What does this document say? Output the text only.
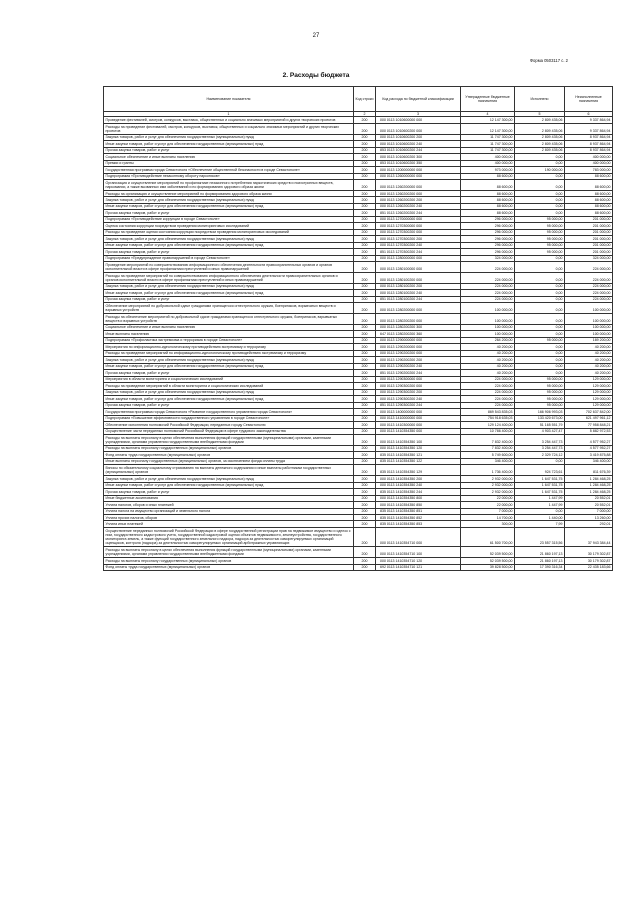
27
Форма 0503117 с. 2
2. Расходы бюджета
Наименование показателя	Код строки	Код расхода по бюджетной классификации	Утвержденные бюджетные назначения	Исполнено	Неисполненные назначения
1	2	3	4	5	6
Проведение фестивалей, смотров, конкурсов, выставок, общественных и социально значимых мероприятий и других творческих проектов	200	000 0113 1010600000 000	12 147 300,00	2 809 435,06	9 337 864,94
Расходы на проведение фестивалей, смотров, конкурсов, выставок, общественных и социально значимых мероприятий и других творческих проектов	200	000 0113 1010600200 000	12 147 300,00	2 809 435,06	9 337 864,94
Закупка товаров, работ и услуг для обеспечения государственных (муниципальных) нужд	200	000 0113 1010600200 200	11 747 300,00	2 809 435,06	8 937 864,94
Иные закупки товаров, работ и услуг для обеспечения государственных (муниципальных) нужд	200	000 0113 1010600200 240	11 747 300,00	2 809 435,06	8 937 864,94
Прочая закупка товаров, работ и услуг	200	853 0113 1010600200 244	11 747 300,00	2 809 435,06	8 937 864,94
Социальное обеспечение и иные выплаты населению	200	000 0113 1010600200 300	400 000,00	0,00	400 000,00
Премии и гранты	200	853 0113 1010600200 350	400 000,00	0,00	400 000,00
Государственная программа города Севастополя «Обеспечение общественной безопасности в городе Севастополе»	200	000 0113 1200000000 000	973 000,00	190 000,00	783 000,00
Подпрограмма «Противодействие незаконному обороту наркотиков»	200	000 0113 1260000000 000	88 600,00	0,00	88 600,00
Организация и осуществление мероприятий по профилактике незаконного потребления наркотических средств и психотропных веществ, наркомании, а также вызванных ими заболеваний и по формированию здорового образа жизни	200	000 0113 1260200000 000	88 600,00	0,00	88 600,00
Расходы на организацию и осуществление мероприятий по формированию здорового образа жизни	200	000 0113 1260200200 000	88 600,00	0,00	88 600,00
Закупка товаров, работ и услуг для обеспечения государственных (муниципальных) нужд	200	000 0113 1260200200 200	88 600,00	0,00	88 600,00
Иные закупки товаров, работ и услуг для обеспечения государственных (муниципальных) нужд	200	000 0113 1260200200 240	88 600,00	0,00	88 600,00
Прочая закупка товаров, работ и услуг	200	851 0113 1260200200 244	88 600,00	0,00	88 600,00
Подпрограмма «Противодействие коррупции в городе Севастополе»	200	000 0113 1270000000 000	296 000,00	95 000,00	201 000,00
Оценка состояния коррупции посредством проведения мониторинговых исследований	200	000 0113 1270300000 000	296 000,00	95 000,00	201 000,00
Расходы на проведение оценки состояния коррупции посредством проведения мониторинговых исследований	200	000 0113 1270300200 000	296 000,00	95 000,00	201 000,00
Закупка товаров, работ и услуг для обеспечения государственных (муниципальных) нужд	200	000 0113 1270300200 200	296 000,00	95 000,00	201 000,00
Иные закупки товаров, работ и услуг для обеспечения государственных (муниципальных) нужд	200	000 0113 1270300200 240	296 000,00	95 000,00	201 000,00
Прочая закупка товаров, работ и услуг	200	851 0113 1270300200 244	296 000,00	95 000,00	201 000,00
Подпрограмма «Предупреждение правонарушений в городе Севастополе»	200	000 0113 1280000000 000	324 000,00	0,00	324 000,00
Проведение мероприятий по совершенствованию информационного обеспечения деятельности правоохранительных органов и органов исполнительной власти в сфере профилактики преступлений и иных правонарушений	200	000 0113 1280100000 000	224 000,00	0,00	224 000,00
Расходы на проведение мероприятий по совершенствованию информационного обеспечения деятельности правоохранительных органов и органов исполнительной власти в сфере профилактики преступлений и иных правонарушений	200	000 0113 1280100200 000	224 000,00	0,00	224 000,00
Закупка товаров, работ и услуг для обеспечения государственных (муниципальных) нужд	200	000 0113 1280100200 200	224 000,00	0,00	224 000,00
Иные закупки товаров, работ и услуг для обеспечения государственных (муниципальных) нужд	200	000 0113 1280100200 240	224 000,00	0,00	224 000,00
Прочая закупка товаров, работ и услуг	200	851 0113 1280100200 244	224 000,00	0,00	224 000,00
Обеспечение мероприятий по добровольной сдаче гражданами хранящегося огнестрельного оружия, боеприпасов, взрывчатых веществ и взрывных устройств	200	000 0113 1280200000 000	100 000,00	0,00	100 000,00
Расходы на обеспечение мероприятий по добровольной сдаче гражданами хранящегося огнестрельного оружия, боеприпасов, взрывчатых веществ и взрывных устройств	200	000 0113 1280200200 000	100 000,00	0,00	100 000,00
Социальное обеспечение и иные выплаты населению	200	000 0113 1280200200 300	100 000,00	0,00	100 000,00
Иные выплаты населению	200	647 0113 1280200200 360	100 000,00	0,00	100 000,00
Подпрограмма «Профилактика экстремизма и терроризма в городе Севастополе»	200	000 0113 1290000000 000	264 200,00	95 000,00	169 200,00
Мероприятия по информационно-идеологическому противодействию экстремизму и терроризму	200	000 0113 1290200000 000	40 200,00	0,00	40 200,00
Расходы на проведение мероприятий по информационно-идеологическому противодействию экстремизму и терроризму	200	000 0113 1290200200 000	40 200,00	0,00	40 200,00
Закупка товаров, работ и услуг для обеспечения государственных (муниципальных) нужд	200	000 0113 1290200200 200	40 200,00	0,00	40 200,00
Иные закупки товаров, работ и услуг для обеспечения государственных (муниципальных) нужд	200	000 0113 1290200200 240	40 200,00	0,00	40 200,00
Прочая закупка товаров, работ и услуг	200	851 0113 1290200200 244	40 200,00	0,00	40 200,00
Мероприятия в области мониторинга и социологических исследований	200	000 0113 1290300000 000	224 000,00	95 000,00	129 000,00
Расходы на проведение мероприятий в области мониторинга и социологических исследований	200	000 0113 1290300200 000	224 000,00	95 000,00	129 000,00
Закупка товаров, работ и услуг для обеспечения государственных (муниципальных) нужд	200	000 0113 1290300200 200	224 000,00	95 000,00	129 000,00
Иные закупки товаров, работ и услуг для обеспечения государственных (муниципальных) нужд	200	000 0113 1290300200 240	224 000,00	95 000,00	129 000,00
Прочая закупка товаров, работ и услуг	200	851 0113 1290300200 244	224 000,00	95 000,00	129 000,00
Государственная программа города Севастополя «Развитие государственного управления города Севастополя»	200	000 0113 1400000000 000	869 543 835,03	166 906 993,03	702 637 842,00
Подпрограмма «Повышение эффективности государственного управления в городе Севастополе»	200	000 0113 1410000000 000	754 918 635,03	133 420 673,00	621 497 961,12
Обеспечение исполнения полномочий Российской Федерации, переданных городу Севастополю	200	000 0113 1410300000 000	129 124 400,00	51 165 551,79	77 958 848,21
Осуществление части переданных полномочий Российской Федерации в сфере трудового законодательства	200	000 0113 1410354350 000	10 786 400,00	4 903 427,47	5 882 972,53
Расходы на выплаты персоналу в целях обеспечения выполнения функций государственными (муниципальными) органами, казенными учреждениями, органами управления государственными внебюджетными фондами	200	000 0113 1410354350 100	7 832 400,00	3 254 447,73	4 577 952,27
Расходы на выплаты персоналу государственных (муниципальных) органов	200	000 0113 1410354350 120	7 832 400,00	3 254 447,73	4 577 952,27
Фонд оплаты труда государственных (муниципальных) органов	200	835 0113 1410354350 121	5 749 600,00	2 329 724,12	3 419 875,88
Иные выплаты персоналу государственных (муниципальных) органов, за исключением фонда оплаты труда	200	835 0113 1410354350 122	346 400,00	0,00	346 400,00
Взносы по обязательному социальному страхованию на выплаты денежного содержания и иные выплаты работникам государственных (муниципальных) органов	200	835 0113 1410354350 129	1 736 400,00	924 723,61	811 676,39
Закупка товаров, работ и услуг для обеспечения государственных (муниципальных) нужд	200	000 0113 1410354350 200	2 932 000,00	1 647 531,75	1 284 468,25
Иные закупки товаров, работ и услуг для обеспечения государственных (муниципальных) нужд	200	000 0113 1410354350 240	2 932 000,00	1 647 531,75	1 284 468,25
Прочая закупка товаров, работ и услуг	200	835 0113 1410354350 244	2 932 000,00	1 647 531,75	1 284 468,25
Иные бюджетные ассигнования	200	000 0113 1410354350 800	22 000,00	1 447,99	20 552,01
Уплата налогов, сборов и иных платежей	200	000 0113 1410354350 850	22 000,00	1 447,99	20 552,01
Уплата налога на имущество организаций и земельного налога	200	835 0113 1410354350 851	7 000,00	0,00	7 000,00
Уплата прочих налогов, сборов	200	835 0113 1410354350 852	14 700,00	1 440,00	13 260,00
Уплата иных платежей	200	835 0113 1410354350 853	300,00	7,99	292,01
Осуществление переданных полномочий Российской Федерации в сфере государственной регистрации прав на недвижимое имущество и сделок с ним, государственного кадастрового учета, государственной кадастровой оценки объектов недвижимости, землеустройства, государственного мониторинга земель, а также функций государственного земельного надзора, надзора за деятельностью саморегулируемых организаций оценщиков, контроля (надзора) за деятельностью саморегулируемых организаций арбитражных управляющих	200	000 0113 1410354710 000	61 500 700,00	23 557 315,56	37 943 384,44
Расходы на выплаты персоналу в целях обеспечения выполнения функций государственными (муниципальными) органами, казенными учреждениями, органами управления государственными внебюджетными фондами	200	000 0113 1410354710 100	52 039 500,00	21 860 197,13	30 179 302,87
Расходы на выплаты персоналу государственных (муниципальных) органов	200	000 0113 1410354710 120	52 039 500,00	21 860 197,13	30 179 302,87
Фонд оплаты труда государственных (муниципальных) органов	200	692 0113 1410354710 121	39 828 500,00	17 390 316,34	22 435 183,66
